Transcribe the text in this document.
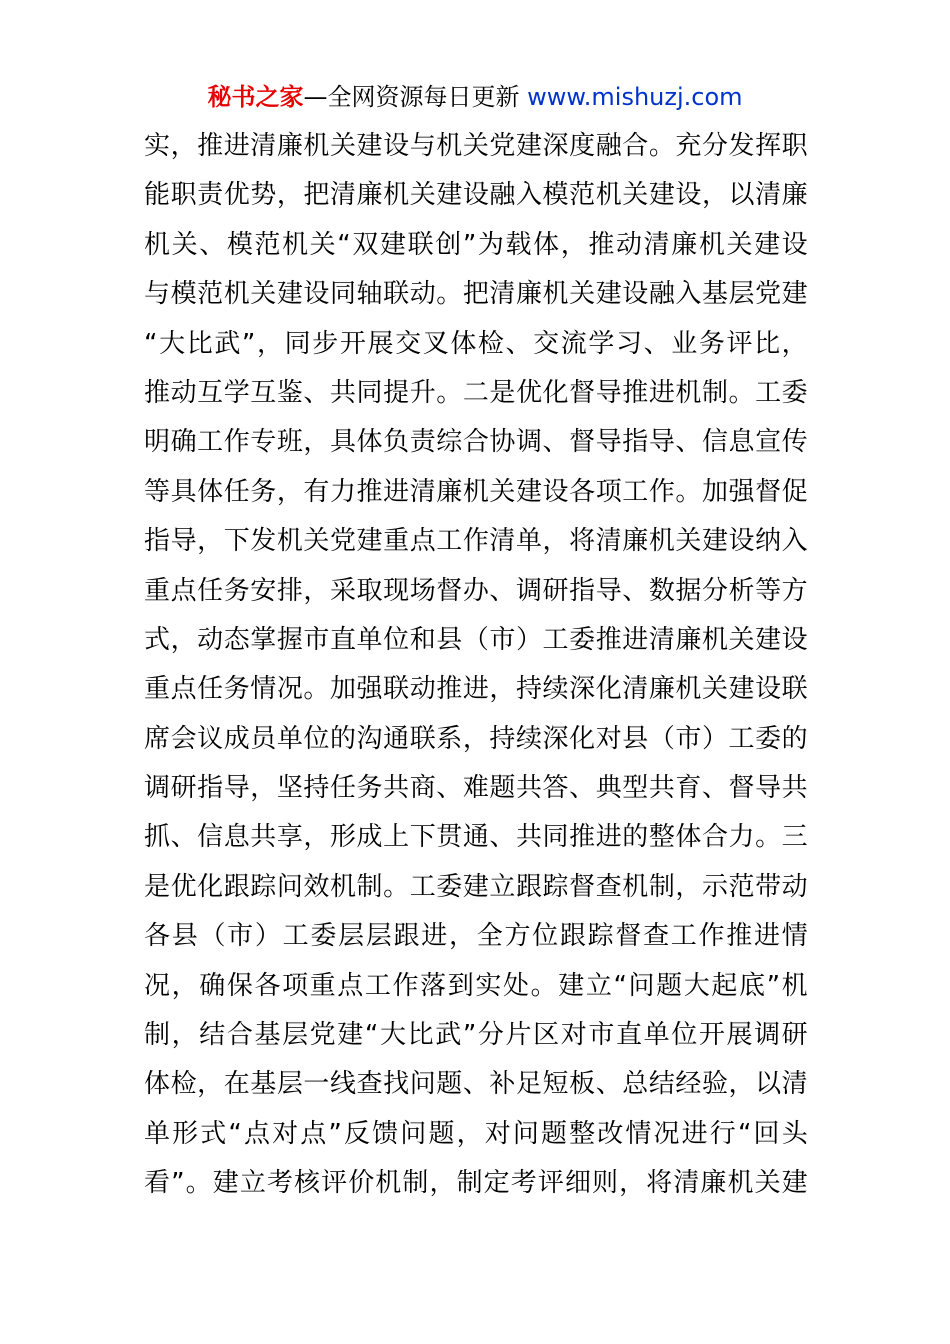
秘书之家—全网资源每日更新 www.mishuzj.com
实，推进清廉机关建设与机关党建深度融合。充分发挥职
能职责优势，把清廉机关建设融入模范机关建设，以清廉
机关、模范机关“双建联创”为载体，推动清廉机关建设
与模范机关建设同轴联动。把清廉机关建设融入基层党建
“大比武”，同步开展交叉体检、交流学习、业务评比，
推动互学互鉴、共同提升。二是优化督导推进机制。工委
明确工作专班，具体负责综合协调、督导指导、信息宣传
等具体任务，有力推进清廉机关建设各项工作。加强督促
指导，下发机关党建重点工作清单，将清廉机关建设纳入
重点任务安排，采取现场督办、调研指导、数据分析等方
式，动态掌握市直单位和县（市）工委推进清廉机关建设
重点任务情况。加强联动推进，持续深化清廉机关建设联
席会议成员单位的沟通联系，持续深化对县（市）工委的
调研指导，坚持任务共商、难题共答、典型共育、督导共
抓、信息共享，形成上下贯通、共同推进的整体合力。三
是优化跟踪问效机制。工委建立跟踪督查机制，示范带动
各县（市）工委层层跟进，全方位跟踪督查工作推进情
况，确保各项重点工作落到实处。建立“问题大起底”机
制，结合基层党建“大比武”分片区对市直单位开展调研
体检，在基层一线查找问题、补足短板、总结经验，以清
单形式“点对点”反馈问题，对问题整改情况进行“回头
看”。建立考核评价机制，制定考评细则，将清廉机关建
